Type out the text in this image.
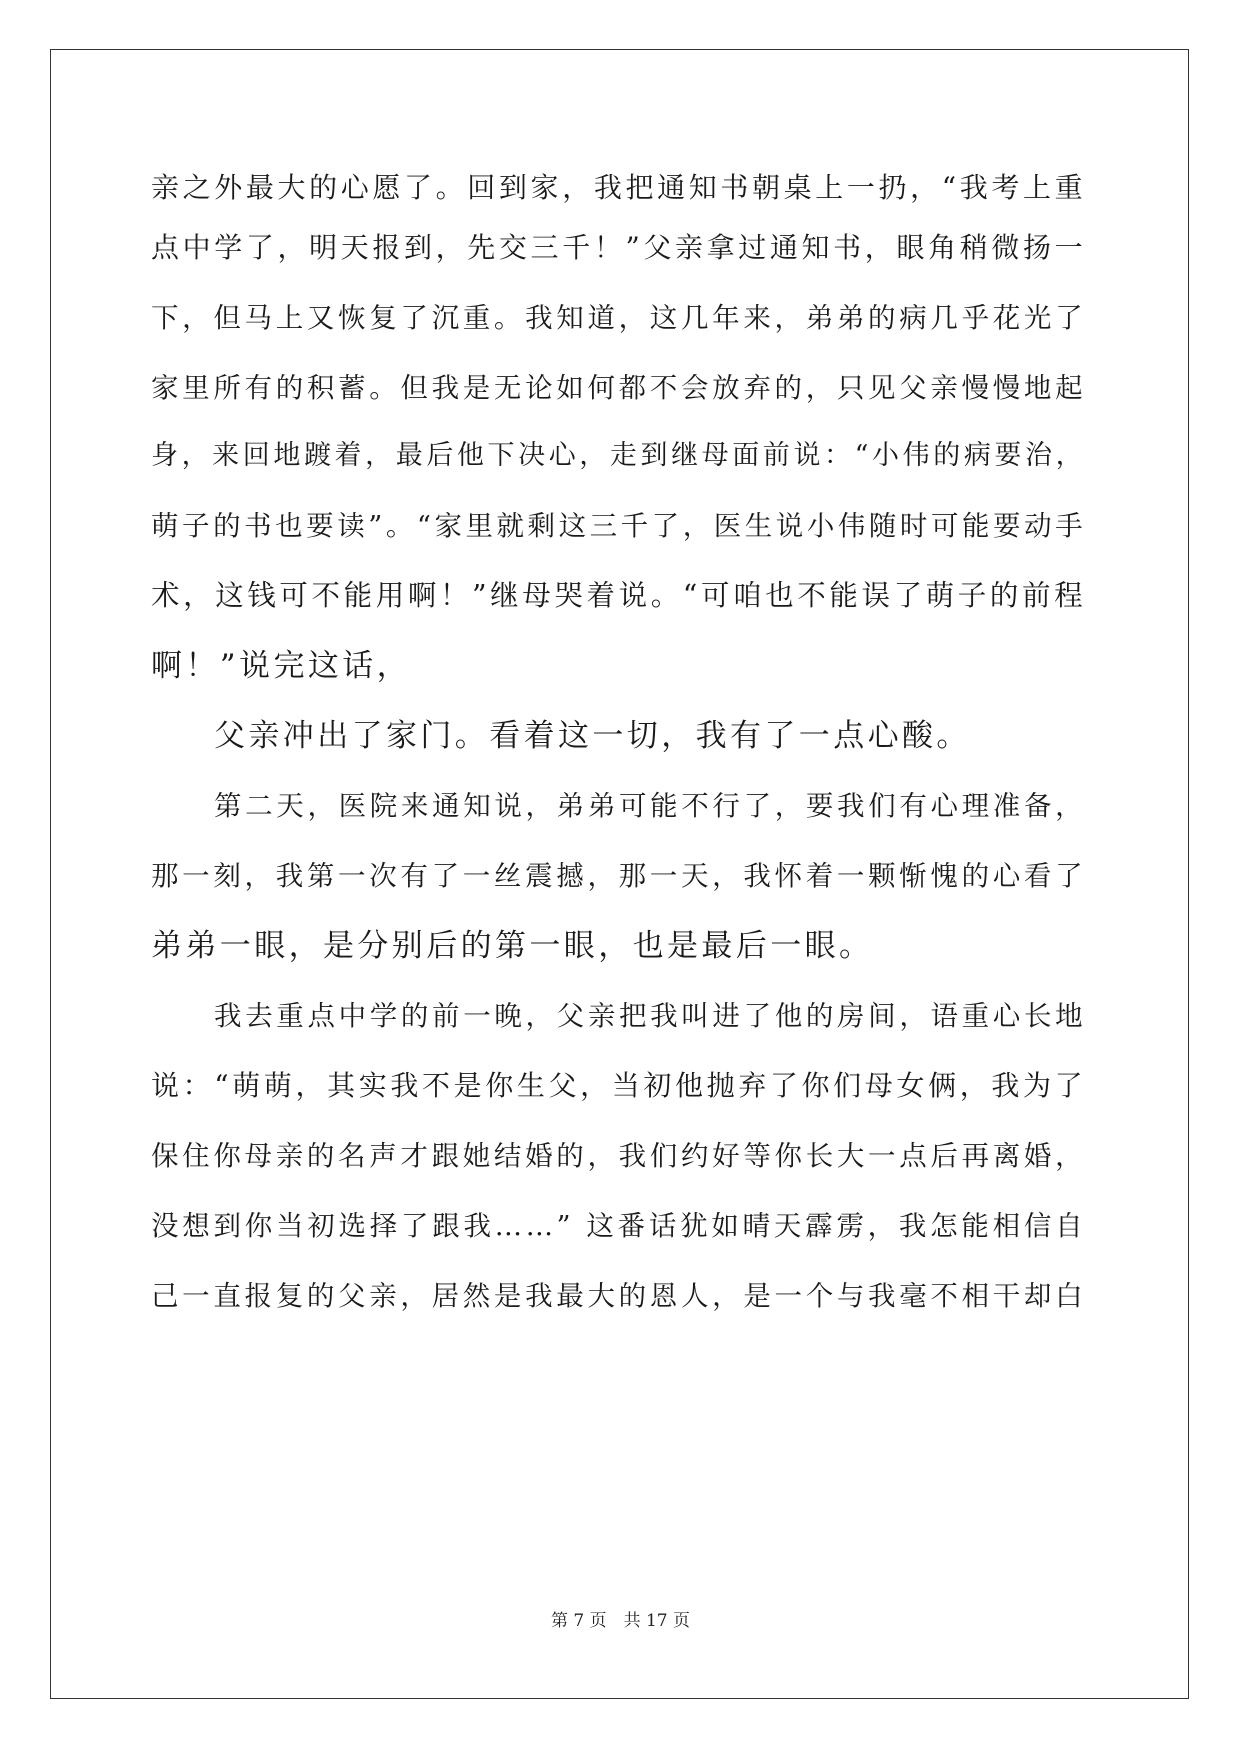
亲之外最大的心愿了。回到家，我把通知书朝桌上一扔，“我考上重
点中学了，明天报到，先交三千！”父亲拿过通知书，眼角稍微扬一
下，但马上又恢复了沉重。我知道，这几年来，弟弟的病几乎花光了
家里所有的积蓄。但我是无论如何都不会放弃的，只见父亲慢慢地起
身，来回地踱着，最后他下决心，走到继母面前说：“小伟的病要治，
萌子的书也要读”。“家里就剩这三千了，医生说小伟随时可能要动手
术，这钱可不能用啊！”继母哭着说。“可咱也不能误了萌子的前程
啊！”说完这话，
父亲冲出了家门。看着这一切，我有了一点心酸。
第二天，医院来通知说，弟弟可能不行了，要我们有心理准备，
那一刻，我第一次有了一丝震撼，那一天，我怀着一颗惭愧的心看了
弟弟一眼，是分别后的第一眼，也是最后一眼。
我去重点中学的前一晚，父亲把我叫进了他的房间，语重心长地
说：“萌萌，其实我不是你生父，当初他抛弃了你们母女俩，我为了
保住你母亲的名声才跟她结婚的，我们约好等你长大一点后再离婚，
没想到你当初选择了跟我……” 这番话犹如晴天霹雳，我怎能相信自
己一直报复的父亲，居然是我最大的恩人，是一个与我毫不相干却白
第 7 页　共 17 页
